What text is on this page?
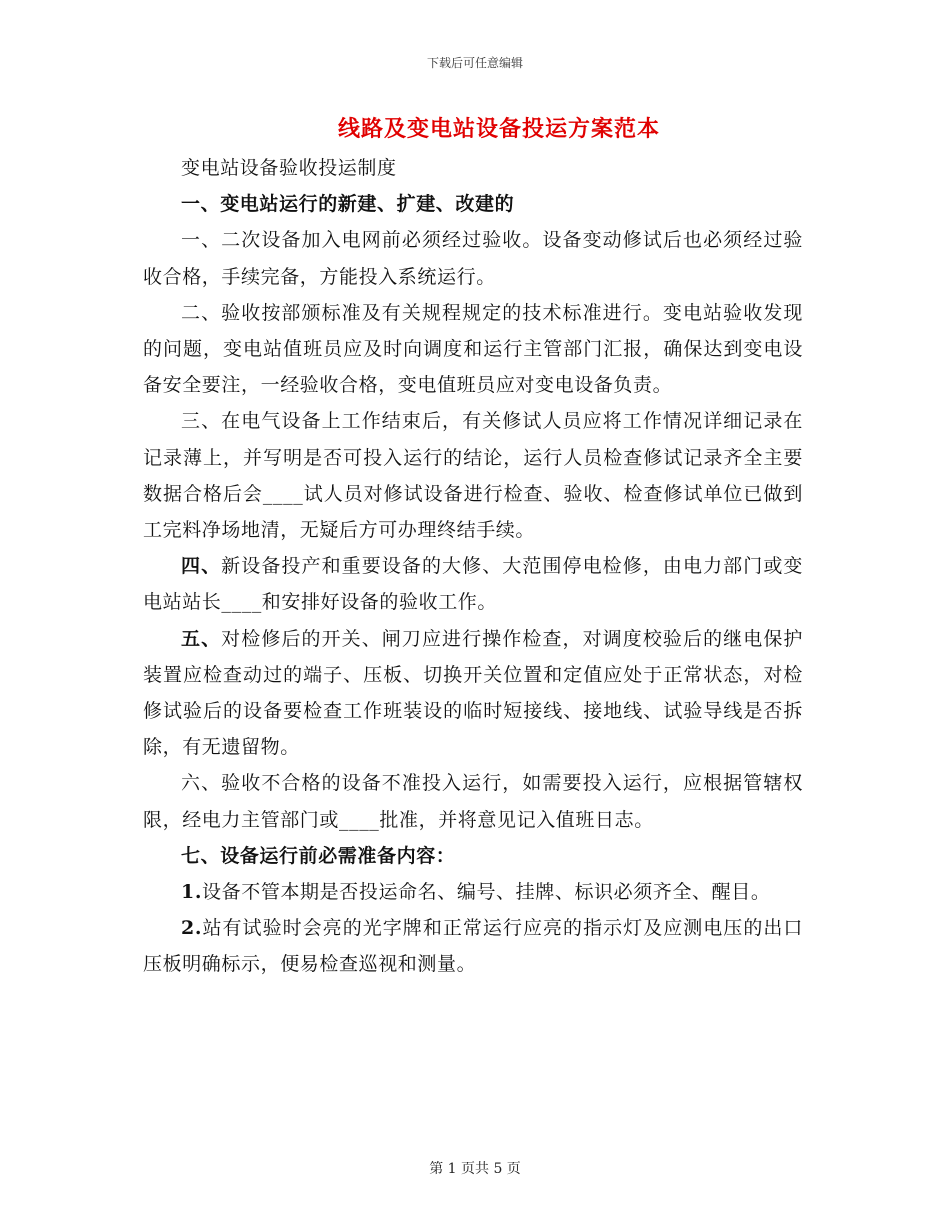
下载后可任意编辑
线路及变电站设备投运方案范本

变电站设备验收投运制度

一、变电站运行的新建、扩建、改建的

一、二次设备加入电网前必须经过验收。设备变动修试后也必须经过验收合格，手续完备，方能投入系统运行。

二、验收按部颁标准及有关规程规定的技术标准进行。变电站验收发现的问题，变电站值班员应及时向调度和运行主管部门汇报，确保达到变电设备安全要注，一经验收合格，变电值班员应对变电设备负责。

三、在电气设备上工作结束后，有关修试人员应将工作情况详细记录在记录薄上，并写明是否可投入运行的结论，运行人员检查修试记录齐全主要数据合格后会____试人员对修试设备进行检查、验收、检查修试单位已做到工完料净场地清，无疑后方可办理终结手续。

四、新设备投产和重要设备的大修、大范围停电检修，由电力部门或变电站站长____和安排好设备的验收工作。

五、对检修后的开关、闸刀应进行操作检查，对调度校验后的继电保护装置应检查动过的端子、压板、切换开关位置和定值应处于正常状态，对检修试验后的设备要检查工作班装设的临时短接线、接地线、试验导线是否拆除，有无遗留物。

六、验收不合格的设备不准投入运行，如需要投入运行，应根据管辖权限，经电力主管部门或____批准，并将意见记入值班日志。

七、设备运行前必需准备内容：

1.设备不管本期是否投运命名、编号、挂牌、标识必须齐全、醒目。

2.站有试验时会亮的光字牌和正常运行应亮的指示灯及应测电压的出口压板明确标示，便易检查巡视和测量。

第 1 页共 5 页
